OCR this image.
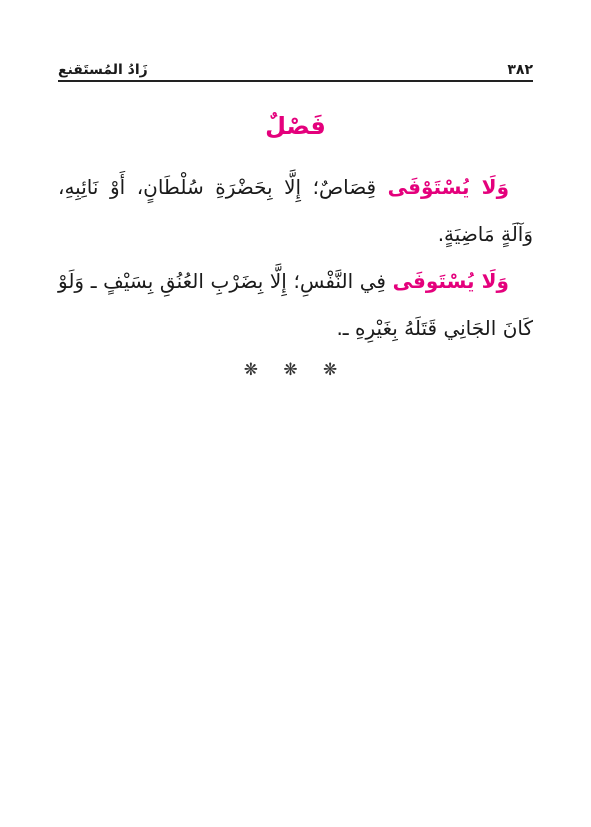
٣٨٢
زَادُ المُستَقنع
فَصْلٌ

وَلَا يُسْتَوْفَى قِصَاصٌ؛ إِلَّا بِحَضْرَةِ سُلْطَانٍ، أَوْ نَائِبِهِ، وَآلَةٍ مَاضِيَةٍ.

وَلَا يُسْتَوفَى فِي النَّفْسِ؛ إِلَّا بِضَرْبِ العُنُقِ بِسَيْفٍ ـ وَلَوْ كَانَ الجَانِي قَتَلَهُ بِغَيْرِهِ ـ.

❋ ❋ ❋
